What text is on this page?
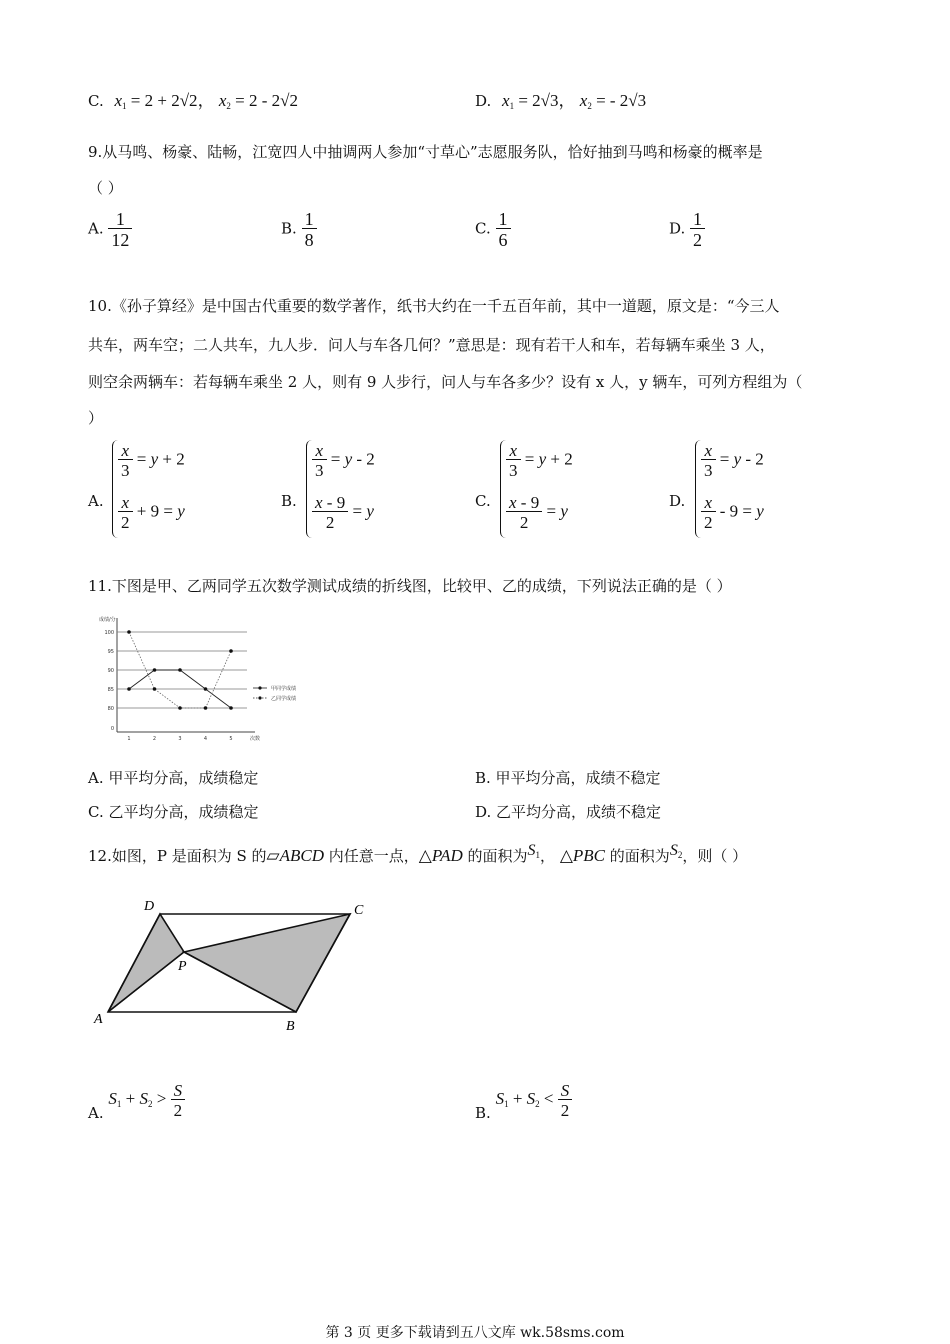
C. $x_1 = 2 + 2√2$， $x_2 = 2 - 2√2$	D. $x_1 = 2√3$， $x_2$ = - 2√3
9.从马鸣、杨豪、陆畅，江宽四人中抽调两人参加“寸草心”志愿服务队，恰好抽到马鸣和杨豪的概率是
（ ）
A. $\frac{1}{12}$	B. $\frac{1}{8}$	C. $\frac{1}{6}$	D. $\frac{1}{2}$
10.《孙子算经》是中国古代重要的数学著作，纸书大约在一千五百年前，其中一道题，原文是：“今三人
共车，两车空；二人共车，九人步．问人与车各几何？”意思是：现有若干人和车，若每辆车乘坐 3 人，
则空余两辆车：若每辆车乘坐 2 人，则有 9 人步行，问人与车各多少？设有 x 人，y 辆车，可列方程组为（
）
A.
$\frac{x}{3} = y + 2$
$\frac{x}{2} + 9 = y$
B.
$\frac{x}{3} = y - 2$
$\frac{x - 9}{2} = y$
C.
$\frac{x}{3} = y + 2$
$\frac{x - 9}{2} = y$
D.
$\frac{x}{3} = y - 2$
$\frac{x}{2} - 9 = y$
11.下图是甲、乙两同学五次数学测试成绩的折线图，比较甲、乙的成绩，下列说法正确的是（ ）
100
95
90
85
80
0
1	2	3	4	5
成绩/分
次数
甲同学成绩
乙同学成绩
A. 甲平均分高，成绩稳定	B. 甲平均分高，成绩不稳定
C. 乙平均分高，成绩稳定	D. 乙平均分高，成绩不稳定
12.如图，P 是面积为 S 的▱ABCD 内任意一点，△PAD 的面积为$S_1$， △PBC 的面积为$S_2$，则（ ）
D	C
A	B
P
A. $S_1 + S_2 > \frac{S}{2}$	B. $S_1 + S_2 < \frac{S}{2}$
第 3 页 更多下载请到五八文库 wk.58sms.com
